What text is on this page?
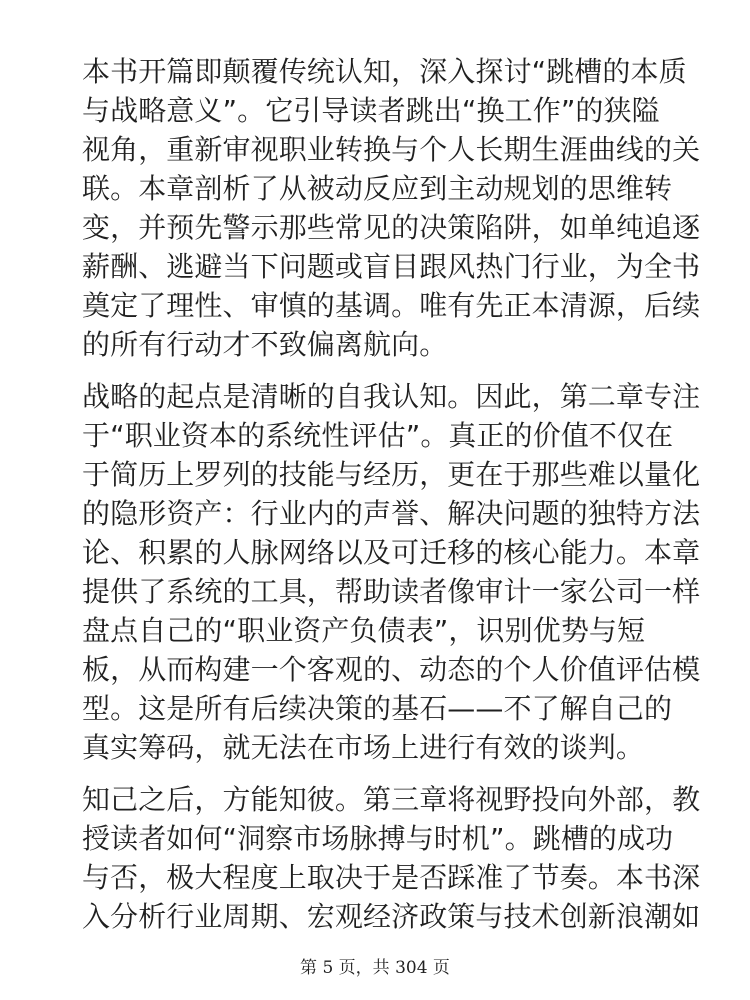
本书开篇即颠覆传统认知，深入探讨“跳槽的本质
与战略意义”。它引导读者跳出“换工作”的狭隘
视角，重新审视职业转换与个人长期生涯曲线的关
联。本章剖析了从被动反应到主动规划的思维转
变，并预先警示那些常见的决策陷阱，如单纯追逐
薪酬、逃避当下问题或盲目跟风热门行业，为全书
奠定了理性、审慎的基调。唯有先正本清源，后续
的所有行动才不致偏离航向。
战略的起点是清晰的自我认知。因此，第二章专注
于“职业资本的系统性评估”。真正的价值不仅在
于简历上罗列的技能与经历，更在于那些难以量化
的隐形资产：行业内的声誉、解决问题的独特方法
论、积累的人脉网络以及可迁移的核心能力。本章
提供了系统的工具，帮助读者像审计一家公司一样
盘点自己的“职业资产负债表”，识别优势与短
板，从而构建一个客观的、动态的个人价值评估模
型。这是所有后续决策的基石——不了解自己的
真实筹码，就无法在市场上进行有效的谈判。
知己之后，方能知彼。第三章将视野投向外部，教
授读者如何“洞察市场脉搏与时机”。跳槽的成功
与否，极大程度上取决于是否踩准了节奏。本书深
入分析行业周期、宏观经济政策与技术创新浪潮如
第 5 页，共 304 页
